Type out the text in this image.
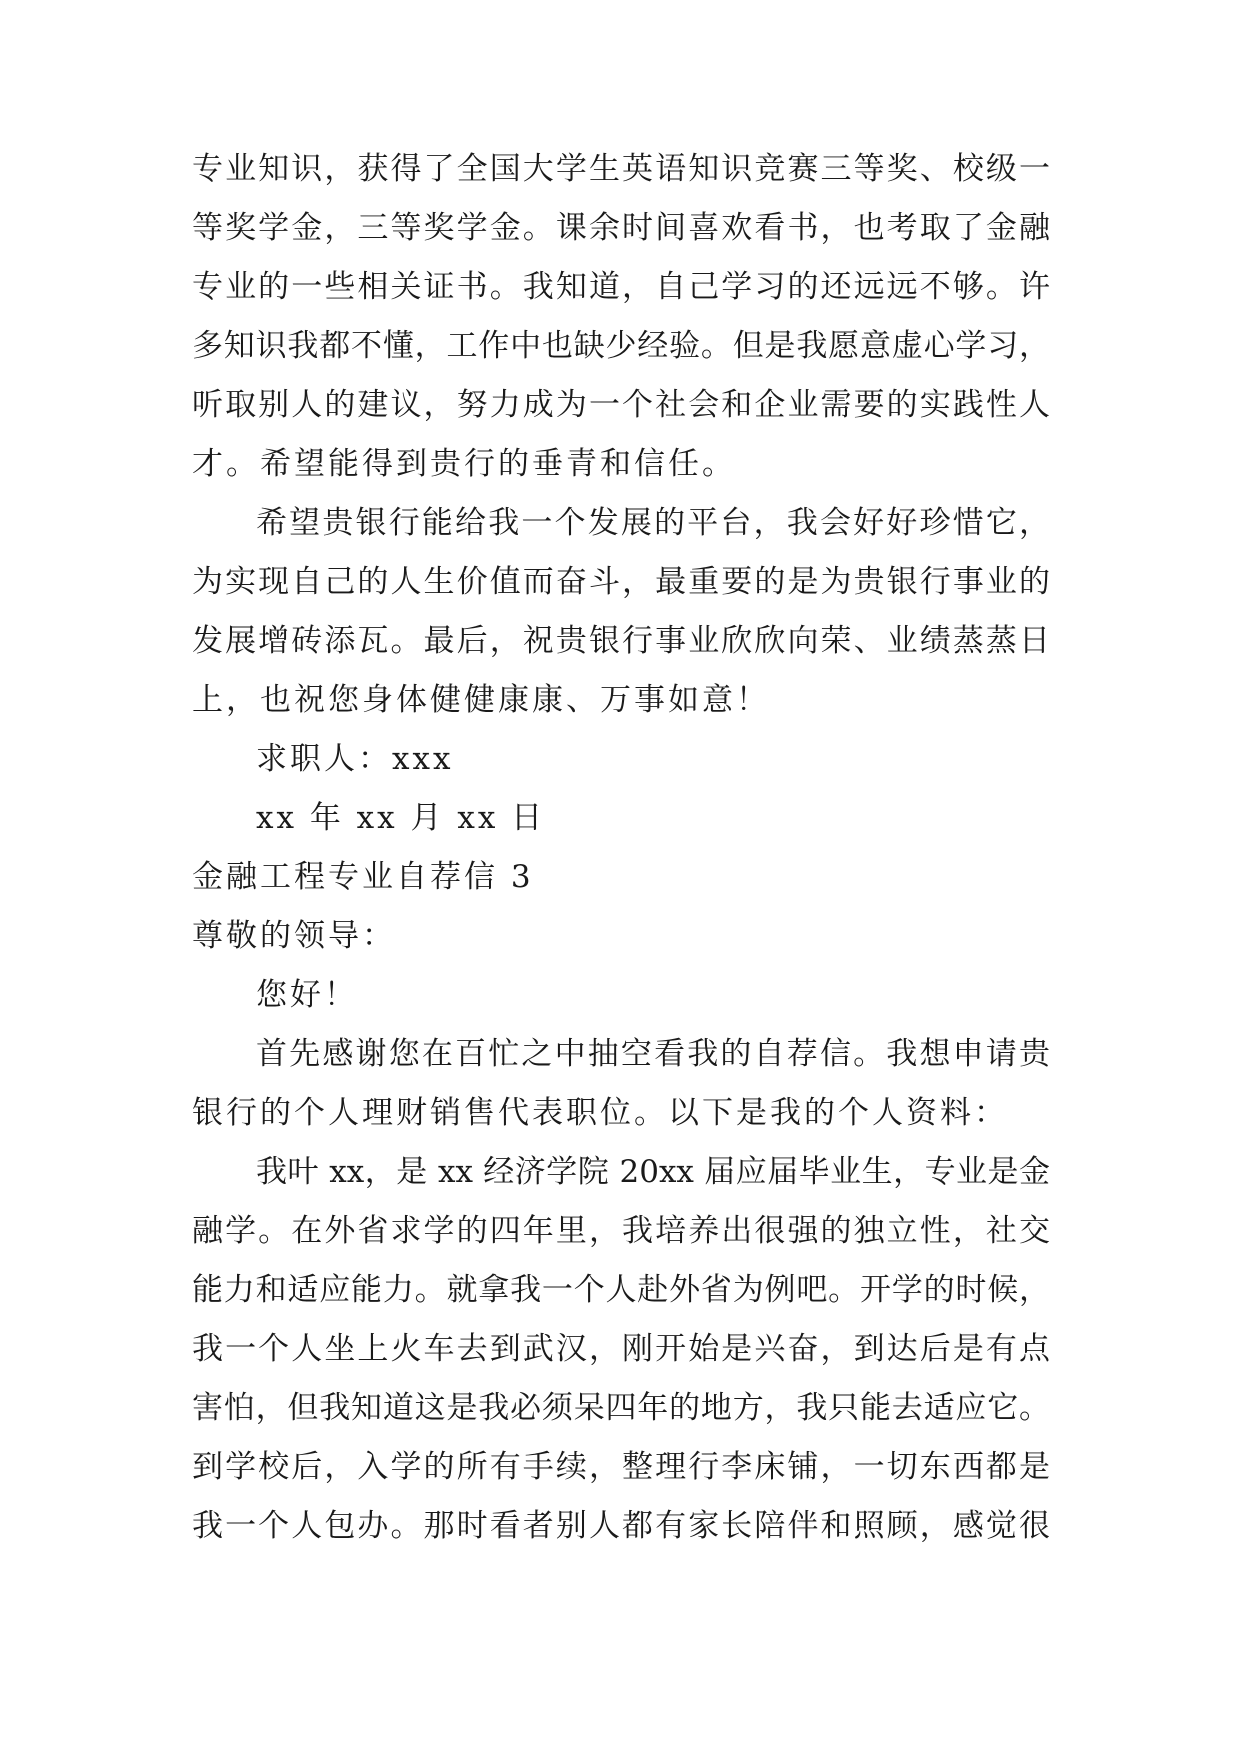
专业知识，获得了全国大学生英语知识竞赛三等奖、校级一
等奖学金，三等奖学金。课余时间喜欢看书，也考取了金融
专业的一些相关证书。我知道，自己学习的还远远不够。许
多知识我都不懂，工作中也缺少经验。但是我愿意虚心学习，
听取别人的建议，努力成为一个社会和企业需要的实践性人
才。希望能得到贵行的垂青和信任。
希望贵银行能给我一个发展的平台，我会好好珍惜它，
为实现自己的人生价值而奋斗，最重要的是为贵银行事业的
发展增砖添瓦。最后，祝贵银行事业欣欣向荣、业绩蒸蒸日
上，也祝您身体健健康康、万事如意！
求职人：xxx
xx 年 xx 月 xx 日
金融工程专业自荐信 3
尊敬的领导：
您好！
首先感谢您在百忙之中抽空看我的自荐信。我想申请贵
银行的个人理财销售代表职位。以下是我的个人资料：
我叶 xx，是 xx 经济学院 20xx 届应届毕业生，专业是金
融学。在外省求学的四年里，我培养出很强的独立性，社交
能力和适应能力。就拿我一个人赴外省为例吧。开学的时候，
我一个人坐上火车去到武汉，刚开始是兴奋，到达后是有点
害怕，但我知道这是我必须呆四年的地方，我只能去适应它。
到学校后，入学的所有手续，整理行李床铺，一切东西都是
我一个人包办。那时看者别人都有家长陪伴和照顾，感觉很
